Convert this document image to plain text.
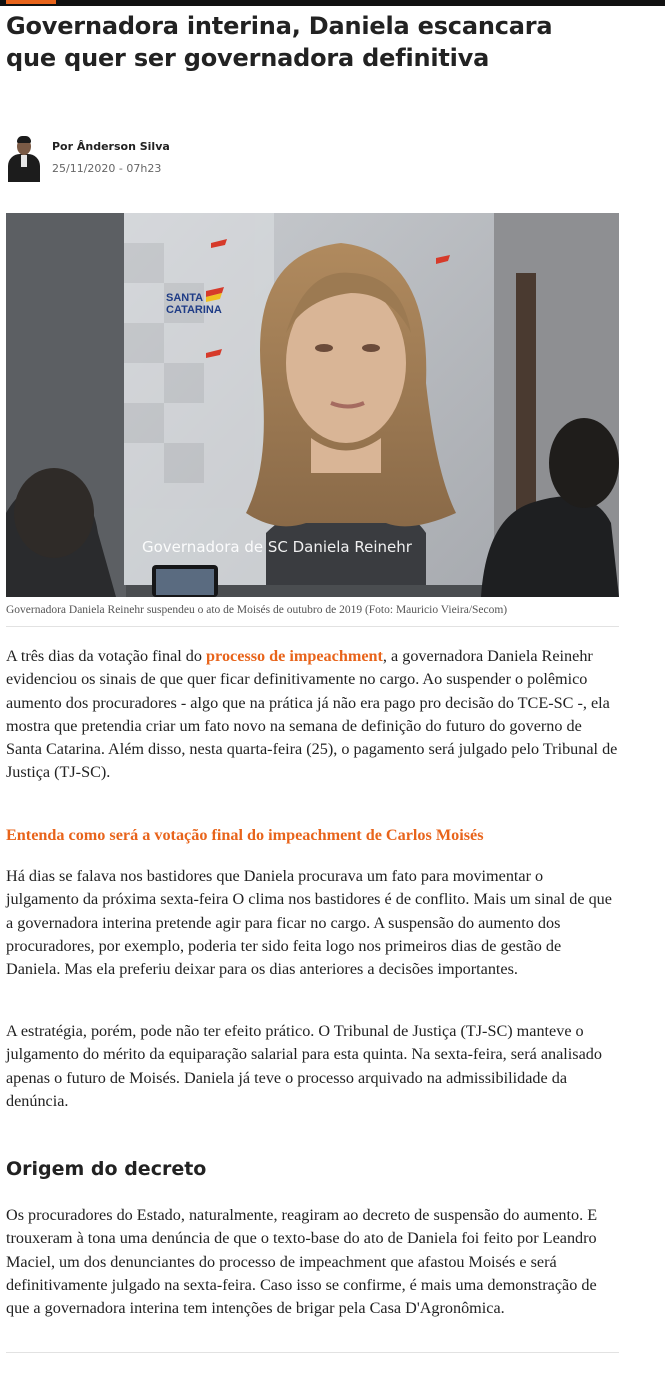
Governadora interina, Daniela escancara que quer ser governadora definitiva
Por Ânderson Silva
25/11/2020 - 07h23
SANTA
CATARINA
Governadora de SC Daniela Reinehr
Governadora Daniela Reinehr suspendeu o ato de Moisés de outubro de 2019 (Foto: Mauricio Vieira/Secom)

A três dias da votação final do processo de impeachment, a governadora Daniela Reinehr evidenciou os sinais de que quer ficar definitivamente no cargo. Ao suspender o polêmico aumento dos procuradores - algo que na prática já não era pago pro decisão do TCE-SC -, ela mostra que pretendia criar um fato novo na semana de definição do futuro do governo de Santa Catarina. Além disso, nesta quarta-feira (25), o pagamento será julgado pelo Tribunal de Justiça (TJ-SC).

Entenda como será a votação final do impeachment de Carlos Moisés

Há dias se falava nos bastidores que Daniela procurava um fato para movimentar o julgamento da próxima sexta-feira O clima nos bastidores é de conflito. Mais um sinal de que a governadora interina pretende agir para ficar no cargo. A suspensão do aumento dos procuradores, por exemplo, poderia ter sido feita logo nos primeiros dias de gestão de Daniela. Mas ela preferiu deixar para os dias anteriores a decisões importantes.

A estratégia, porém, pode não ter efeito prático. O Tribunal de Justiça (TJ-SC) manteve o julgamento do mérito da equiparação salarial para esta quinta. Na sexta-feira, será analisado apenas o futuro de Moisés. Daniela já teve o processo arquivado na admissibilidade da denúncia.

Origem do decreto

Os procuradores do Estado, naturalmente, reagiram ao decreto de suspensão do aumento. E trouxeram à tona uma denúncia de que o texto-base do ato de Daniela foi feito por Leandro Maciel, um dos denunciantes do processo de impeachment que afastou Moisés e será definitivamente julgado na sexta-feira. Caso isso se confirme, é mais uma demonstração de que a governadora interina tem intenções de brigar pela Casa D'Agronômica.
